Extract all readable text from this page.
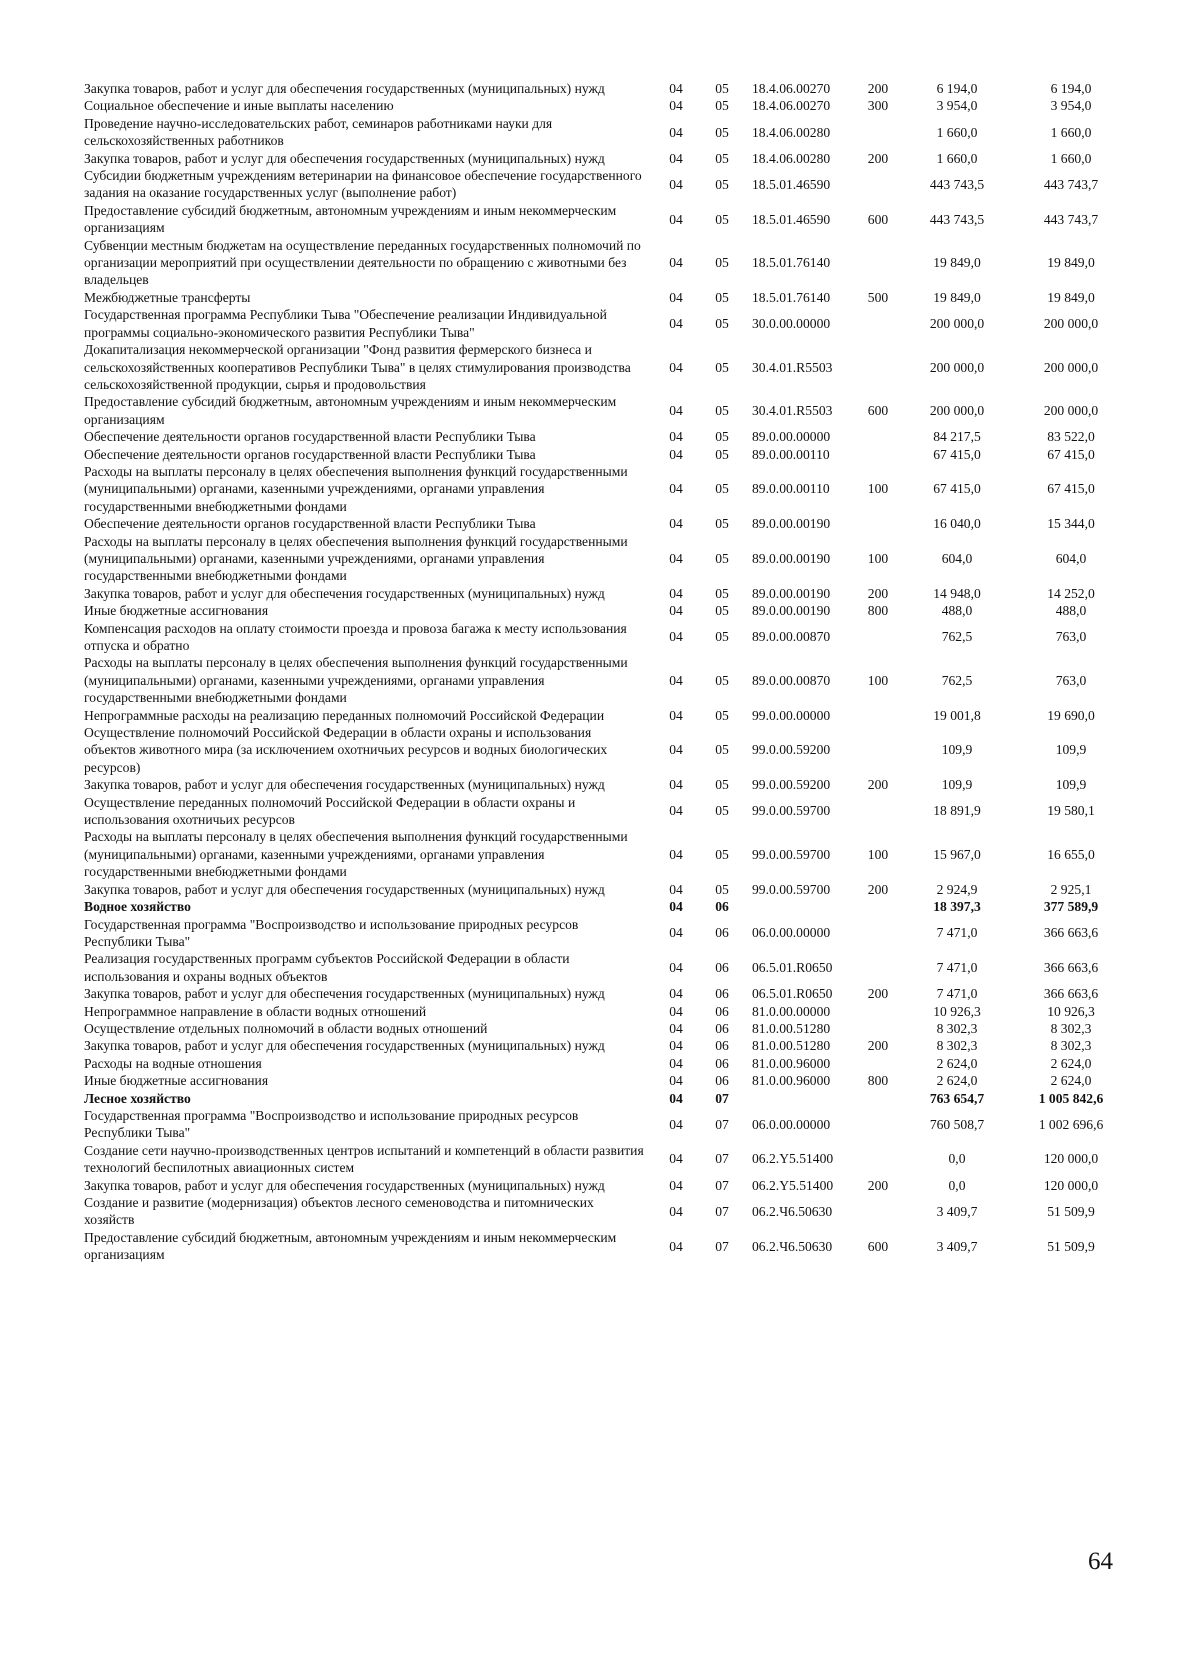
Закупка товаров, работ и услуг для обеспечения государственных (муниципальных) нужд	04	05	18.4.06.00270	200	6 194,0	6 194,0
Социальное обеспечение и иные выплаты населению	04	05	18.4.06.00270	300	3 954,0	3 954,0
Проведение научно-исследовательских работ, семинаров работниками науки для сельскохозяйственных работников	04	05	18.4.06.00280		1 660,0	1 660,0
Закупка товаров, работ и услуг для обеспечения государственных (муниципальных) нужд	04	05	18.4.06.00280	200	1 660,0	1 660,0
Субсидии бюджетным учреждениям ветеринарии на финансовое обеспечение государственного задания на оказание государственных услуг (выполнение работ)	04	05	18.5.01.46590		443 743,5	443 743,7
Предоставление субсидий бюджетным, автономным учреждениям и иным некоммерческим организациям	04	05	18.5.01.46590	600	443 743,5	443 743,7
Субвенции местным бюджетам на осуществление переданных государственных полномочий по организации мероприятий при осуществлении деятельности по обращению с животными без владельцев	04	05	18.5.01.76140		19 849,0	19 849,0
Межбюджетные трансферты	04	05	18.5.01.76140	500	19 849,0	19 849,0
Государственная программа Республики Тыва "Обеспечение реализации Индивидуальной программы социально-экономического развития Республики Тыва"	04	05	30.0.00.00000		200 000,0	200 000,0
Докапитализация некоммерческой организации "Фонд развития фермерского бизнеса и сельскохозяйственных кооперативов Республики Тыва" в целях стимулирования производства сельскохозяйственной продукции, сырья и продовольствия	04	05	30.4.01.R5503		200 000,0	200 000,0
Предоставление субсидий бюджетным, автономным учреждениям и иным некоммерческим организациям	04	05	30.4.01.R5503	600	200 000,0	200 000,0
Обеспечение деятельности органов государственной власти Республики Тыва	04	05	89.0.00.00000		84 217,5	83 522,0
Обеспечение деятельности органов государственной власти Республики Тыва	04	05	89.0.00.00110		67 415,0	67 415,0
Расходы на выплаты персоналу в целях обеспечения выполнения функций государственными (муниципальными) органами, казенными учреждениями, органами управления государственными внебюджетными фондами	04	05	89.0.00.00110	100	67 415,0	67 415,0
Обеспечение деятельности органов государственной власти Республики Тыва	04	05	89.0.00.00190		16 040,0	15 344,0
Расходы на выплаты персоналу в целях обеспечения выполнения функций государственными (муниципальными) органами, казенными учреждениями, органами управления государственными внебюджетными фондами	04	05	89.0.00.00190	100	604,0	604,0
Закупка товаров, работ и услуг для обеспечения государственных (муниципальных) нужд	04	05	89.0.00.00190	200	14 948,0	14 252,0
Иные бюджетные ассигнования	04	05	89.0.00.00190	800	488,0	488,0
Компенсация расходов на оплату стоимости проезда и провоза багажа к месту использования отпуска и обратно	04	05	89.0.00.00870		762,5	763,0
Расходы на выплаты персоналу в целях обеспечения выполнения функций государственными (муниципальными) органами, казенными учреждениями, органами управления государственными внебюджетными фондами	04	05	89.0.00.00870	100	762,5	763,0
Непрограммные расходы на реализацию переданных полномочий Российской Федерации	04	05	99.0.00.00000		19 001,8	19 690,0
Осуществление полномочий Российской Федерации в области охраны и использования объектов животного мира (за исключением охотничьих ресурсов и водных биологических ресурсов)	04	05	99.0.00.59200		109,9	109,9
Закупка товаров, работ и услуг для обеспечения государственных (муниципальных) нужд	04	05	99.0.00.59200	200	109,9	109,9
Осуществление переданных полномочий Российской Федерации в области охраны и использования охотничьих ресурсов	04	05	99.0.00.59700		18 891,9	19 580,1
Расходы на выплаты персоналу в целях обеспечения выполнения функций государственными (муниципальными) органами, казенными учреждениями, органами управления государственными внебюджетными фондами	04	05	99.0.00.59700	100	15 967,0	16 655,0
Закупка товаров, работ и услуг для обеспечения государственных (муниципальных) нужд	04	05	99.0.00.59700	200	2 924,9	2 925,1
Водное хозяйство	04	06			18 397,3	377 589,9
Государственная программа "Воспроизводство и использование природных ресурсов Республики Тыва"	04	06	06.0.00.00000		7 471,0	366 663,6
Реализация государственных программ субъектов Российской Федерации в области использования и охраны водных объектов	04	06	06.5.01.R0650		7 471,0	366 663,6
Закупка товаров, работ и услуг для обеспечения государственных (муниципальных) нужд	04	06	06.5.01.R0650	200	7 471,0	366 663,6
Непрограммное направление в области водных отношений	04	06	81.0.00.00000		10 926,3	10 926,3
Осуществление отдельных полномочий в области водных отношений	04	06	81.0.00.51280		8 302,3	8 302,3
Закупка товаров, работ и услуг для обеспечения государственных (муниципальных) нужд	04	06	81.0.00.51280	200	8 302,3	8 302,3
Расходы на водные отношения	04	06	81.0.00.96000		2 624,0	2 624,0
Иные бюджетные ассигнования	04	06	81.0.00.96000	800	2 624,0	2 624,0
Лесное хозяйство	04	07			763 654,7	1 005 842,6
Государственная программа "Воспроизводство и использование природных ресурсов Республики Тыва"	04	07	06.0.00.00000		760 508,7	1 002 696,6
Создание сети научно-производственных центров испытаний и компетенций в области развития технологий беспилотных авиационных систем	04	07	06.2.Y5.51400		0,0	120 000,0
Закупка товаров, работ и услуг для обеспечения государственных (муниципальных) нужд	04	07	06.2.Y5.51400	200	0,0	120 000,0
Создание и развитие (модернизация) объектов лесного семеноводства и питомнических хозяйств	04	07	06.2.Ч6.50630		3 409,7	51 509,9
Предоставление субсидий бюджетным, автономным учреждениям и иным некоммерческим организациям	04	07	06.2.Ч6.50630	600	3 409,7	51 509,9
64
